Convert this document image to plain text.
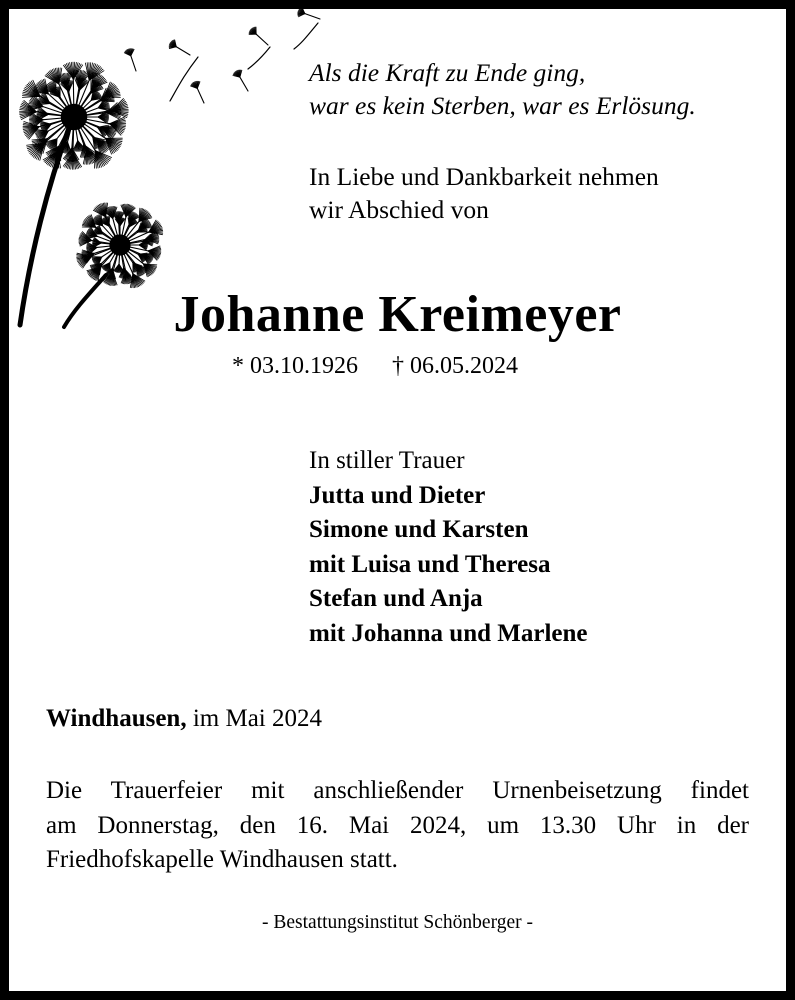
Als die Kraft zu Ende ging,
war es kein Sterben, war es Erlösung.
In Liebe und Dankbarkeit nehmen
wir Abschied von
Johanne Kreimeyer
* 03.10.1926 † 06.05.2024
In stiller Trauer
Jutta und Dieter
Simone und Karsten
mit Luisa und Theresa
Stefan und Anja
mit Johanna und Marlene
Windhausen, im Mai 2024
Die Trauerfeier mit anschließender Urnenbeisetzung findet
am Donnerstag, den 16. Mai 2024, um 13.30 Uhr in der
Friedhofskapelle Windhausen statt.
- Bestattungsinstitut Schönberger -
